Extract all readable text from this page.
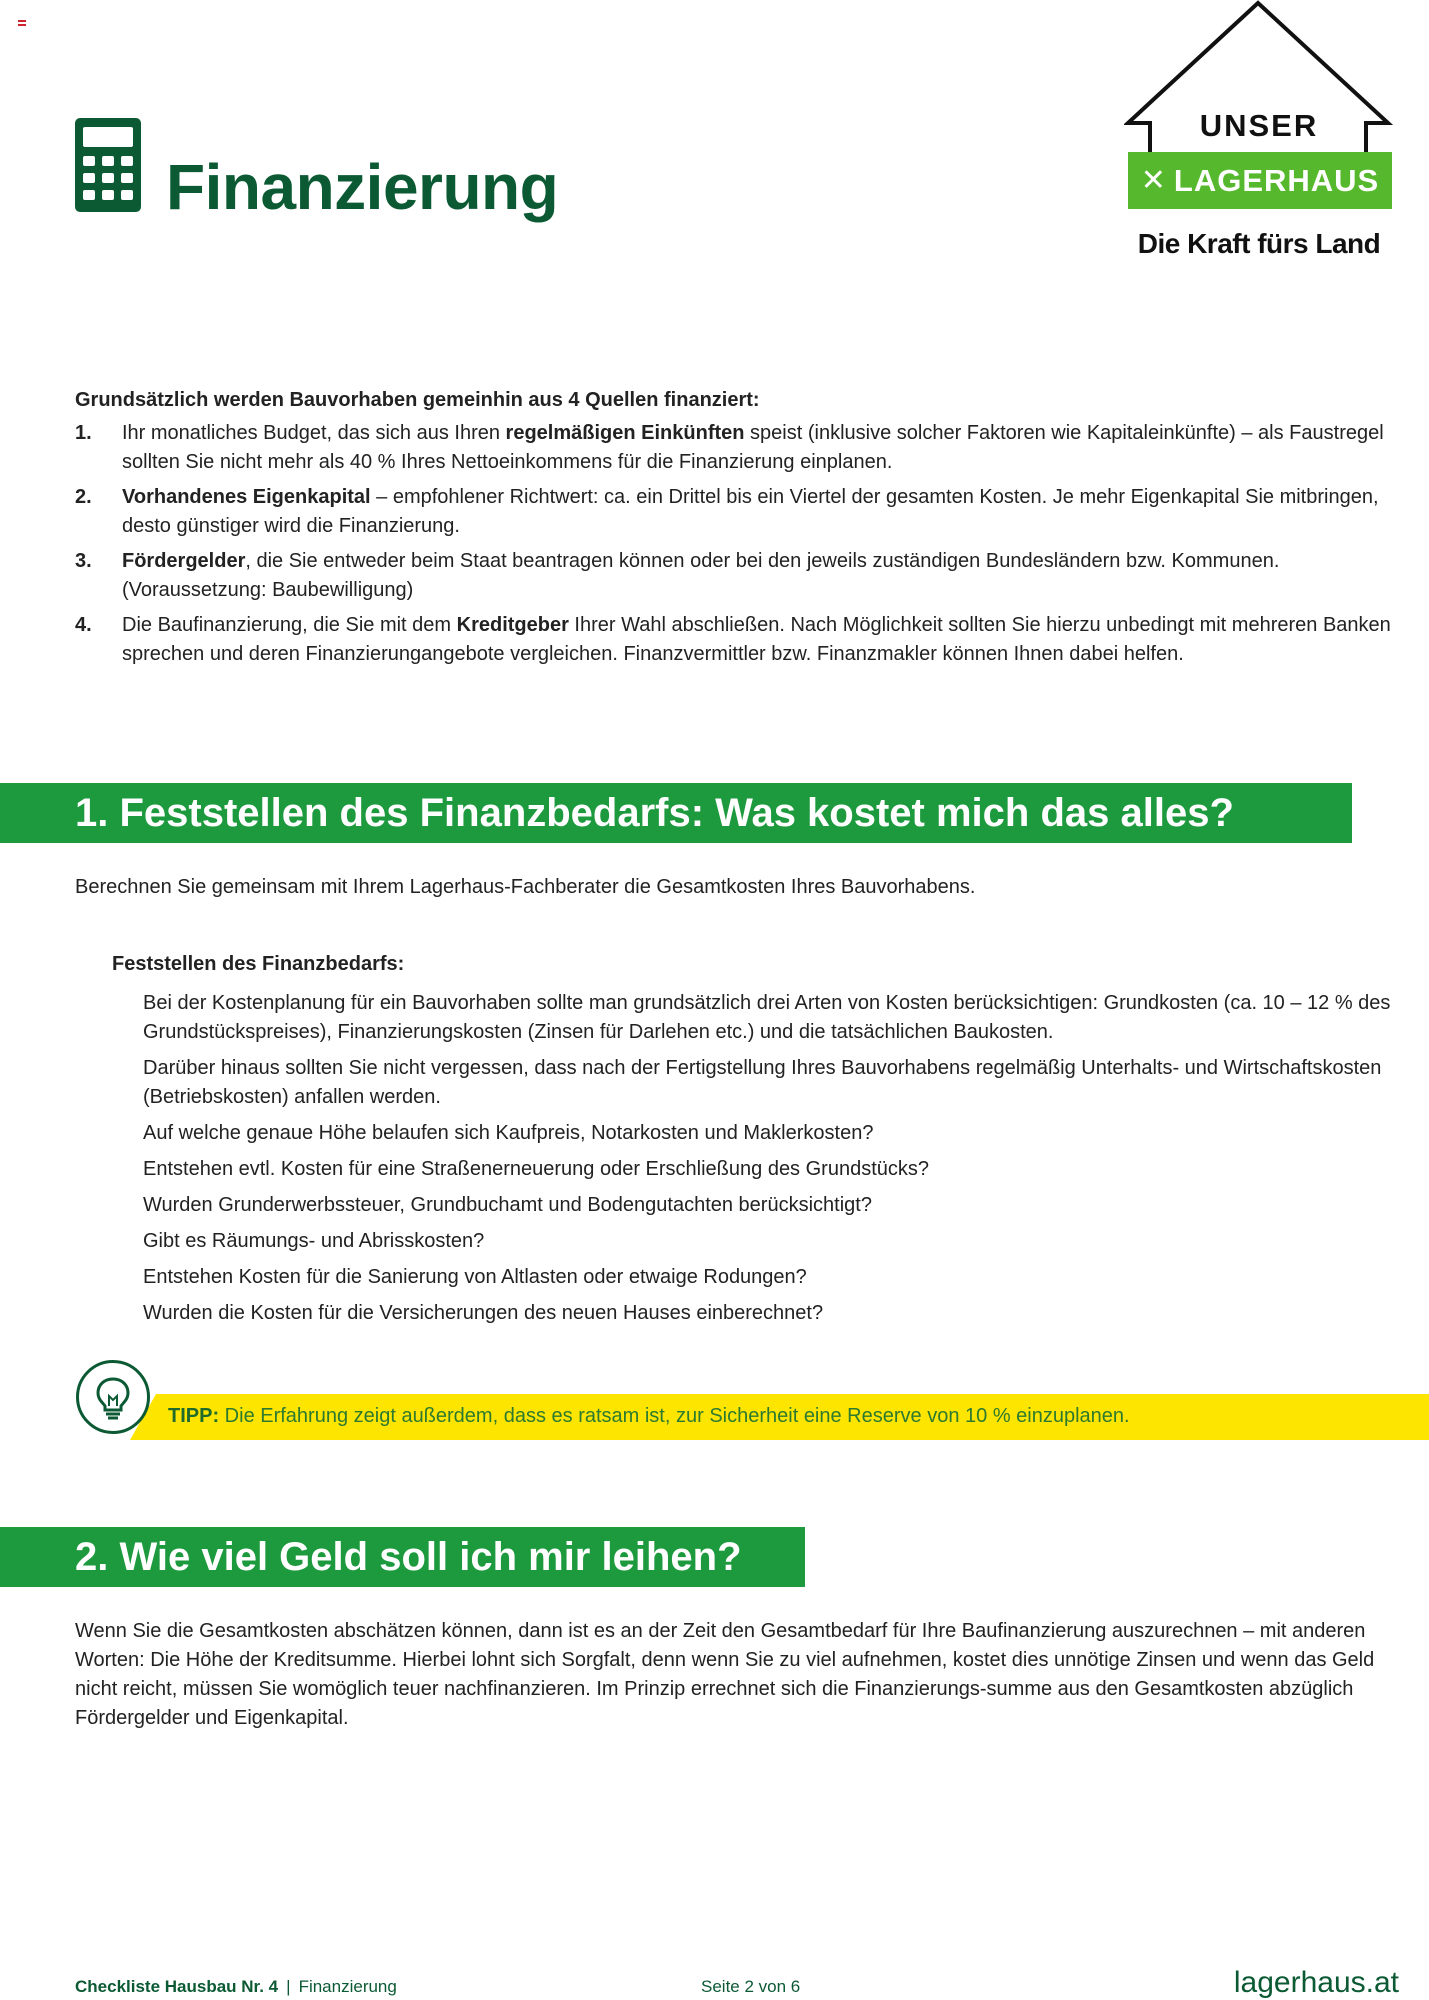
Finanzierung
UNSER
✕ LAGERHAUS
Die Kraft fürs Land

Grundsätzlich werden Bauvorhaben gemeinhin aus 4 Quellen finanziert:

1.	Ihr monatliches Budget, das sich aus Ihren regelmäßigen Einkünften speist (inklusive solcher Faktoren wie Kapitaleinkünfte) – als Faustregel sollten Sie nicht mehr als 40 % Ihres Nettoeinkommens für die Finanzierung einplanen.
2.	Vorhandenes Eigenkapital – empfohlener Richtwert: ca. ein Drittel bis ein Viertel der gesamten Kosten. Je mehr Eigenkapital Sie mitbringen, desto günstiger wird die Finanzierung.
3.	Fördergelder, die Sie entweder beim Staat beantragen können oder bei den jeweils zuständigen Bundesländern bzw. Kommunen. (Voraussetzung: Baubewilligung)
4.	Die Baufinanzierung, die Sie mit dem Kreditgeber Ihrer Wahl abschließen. Nach Möglichkeit sollten Sie hierzu unbedingt mit mehreren Banken sprechen und deren Finanzierungangebote vergleichen. Finanzvermittler bzw. Finanzmakler können Ihnen dabei helfen.
1. Feststellen des Finanzbedarfs: Was kostet mich das alles?

Berechnen Sie gemeinsam mit Ihrem Lagerhaus-Fachberater die Gesamtkosten Ihres Bauvorhabens.

Feststellen des Finanzbedarfs:

Bei der Kostenplanung für ein Bauvorhaben sollte man grundsätzlich drei Arten von Kosten berücksichtigen: Grundkosten (ca. 10 – 12 % des Grundstückspreises), Finanzierungskosten (Zinsen für Darlehen etc.) und die tatsächlichen Baukosten.
Darüber hinaus sollten Sie nicht vergessen, dass nach der Fertigstellung Ihres Bauvorhabens regelmäßig Unterhalts- und Wirtschaftskosten (Betriebskosten) anfallen werden.
Auf welche genaue Höhe belaufen sich Kaufpreis, Notarkosten und Maklerkosten?
Entstehen evtl. Kosten für eine Straßenerneuerung oder Erschließung des Grundstücks?
Wurden Grunderwerbssteuer, Grundbuchamt und Bodengutachten berücksichtigt?
Gibt es Räumungs- und Abrisskosten?
Entstehen Kosten für die Sanierung von Altlasten oder etwaige Rodungen?
Wurden die Kosten für die Versicherungen des neuen Hauses einberechnet?

TIPP: Die Erfahrung zeigt außerdem, dass es ratsam ist, zur Sicherheit eine Reserve von 10 % einzuplanen.

2. Wie viel Geld soll ich mir leihen?

Wenn Sie die Gesamtkosten abschätzen können, dann ist es an der Zeit den Gesamtbedarf für Ihre Baufinanzierung auszurechnen – mit anderen Worten: Die Höhe der Kreditsumme. Hierbei lohnt sich Sorgfalt, denn wenn Sie zu viel aufnehmen, kostet dies unnötige Zinsen und wenn das Geld nicht reicht, müssen Sie womöglich teuer nachfinanzieren. Im Prinzip errechnet sich die Finanzierungs-summe aus den Gesamtkosten abzüglich Fördergelder und Eigenkapital.

Checkliste Hausbau Nr. 4 | Finanzierung	Seite 2 von 6	lagerhaus.at
